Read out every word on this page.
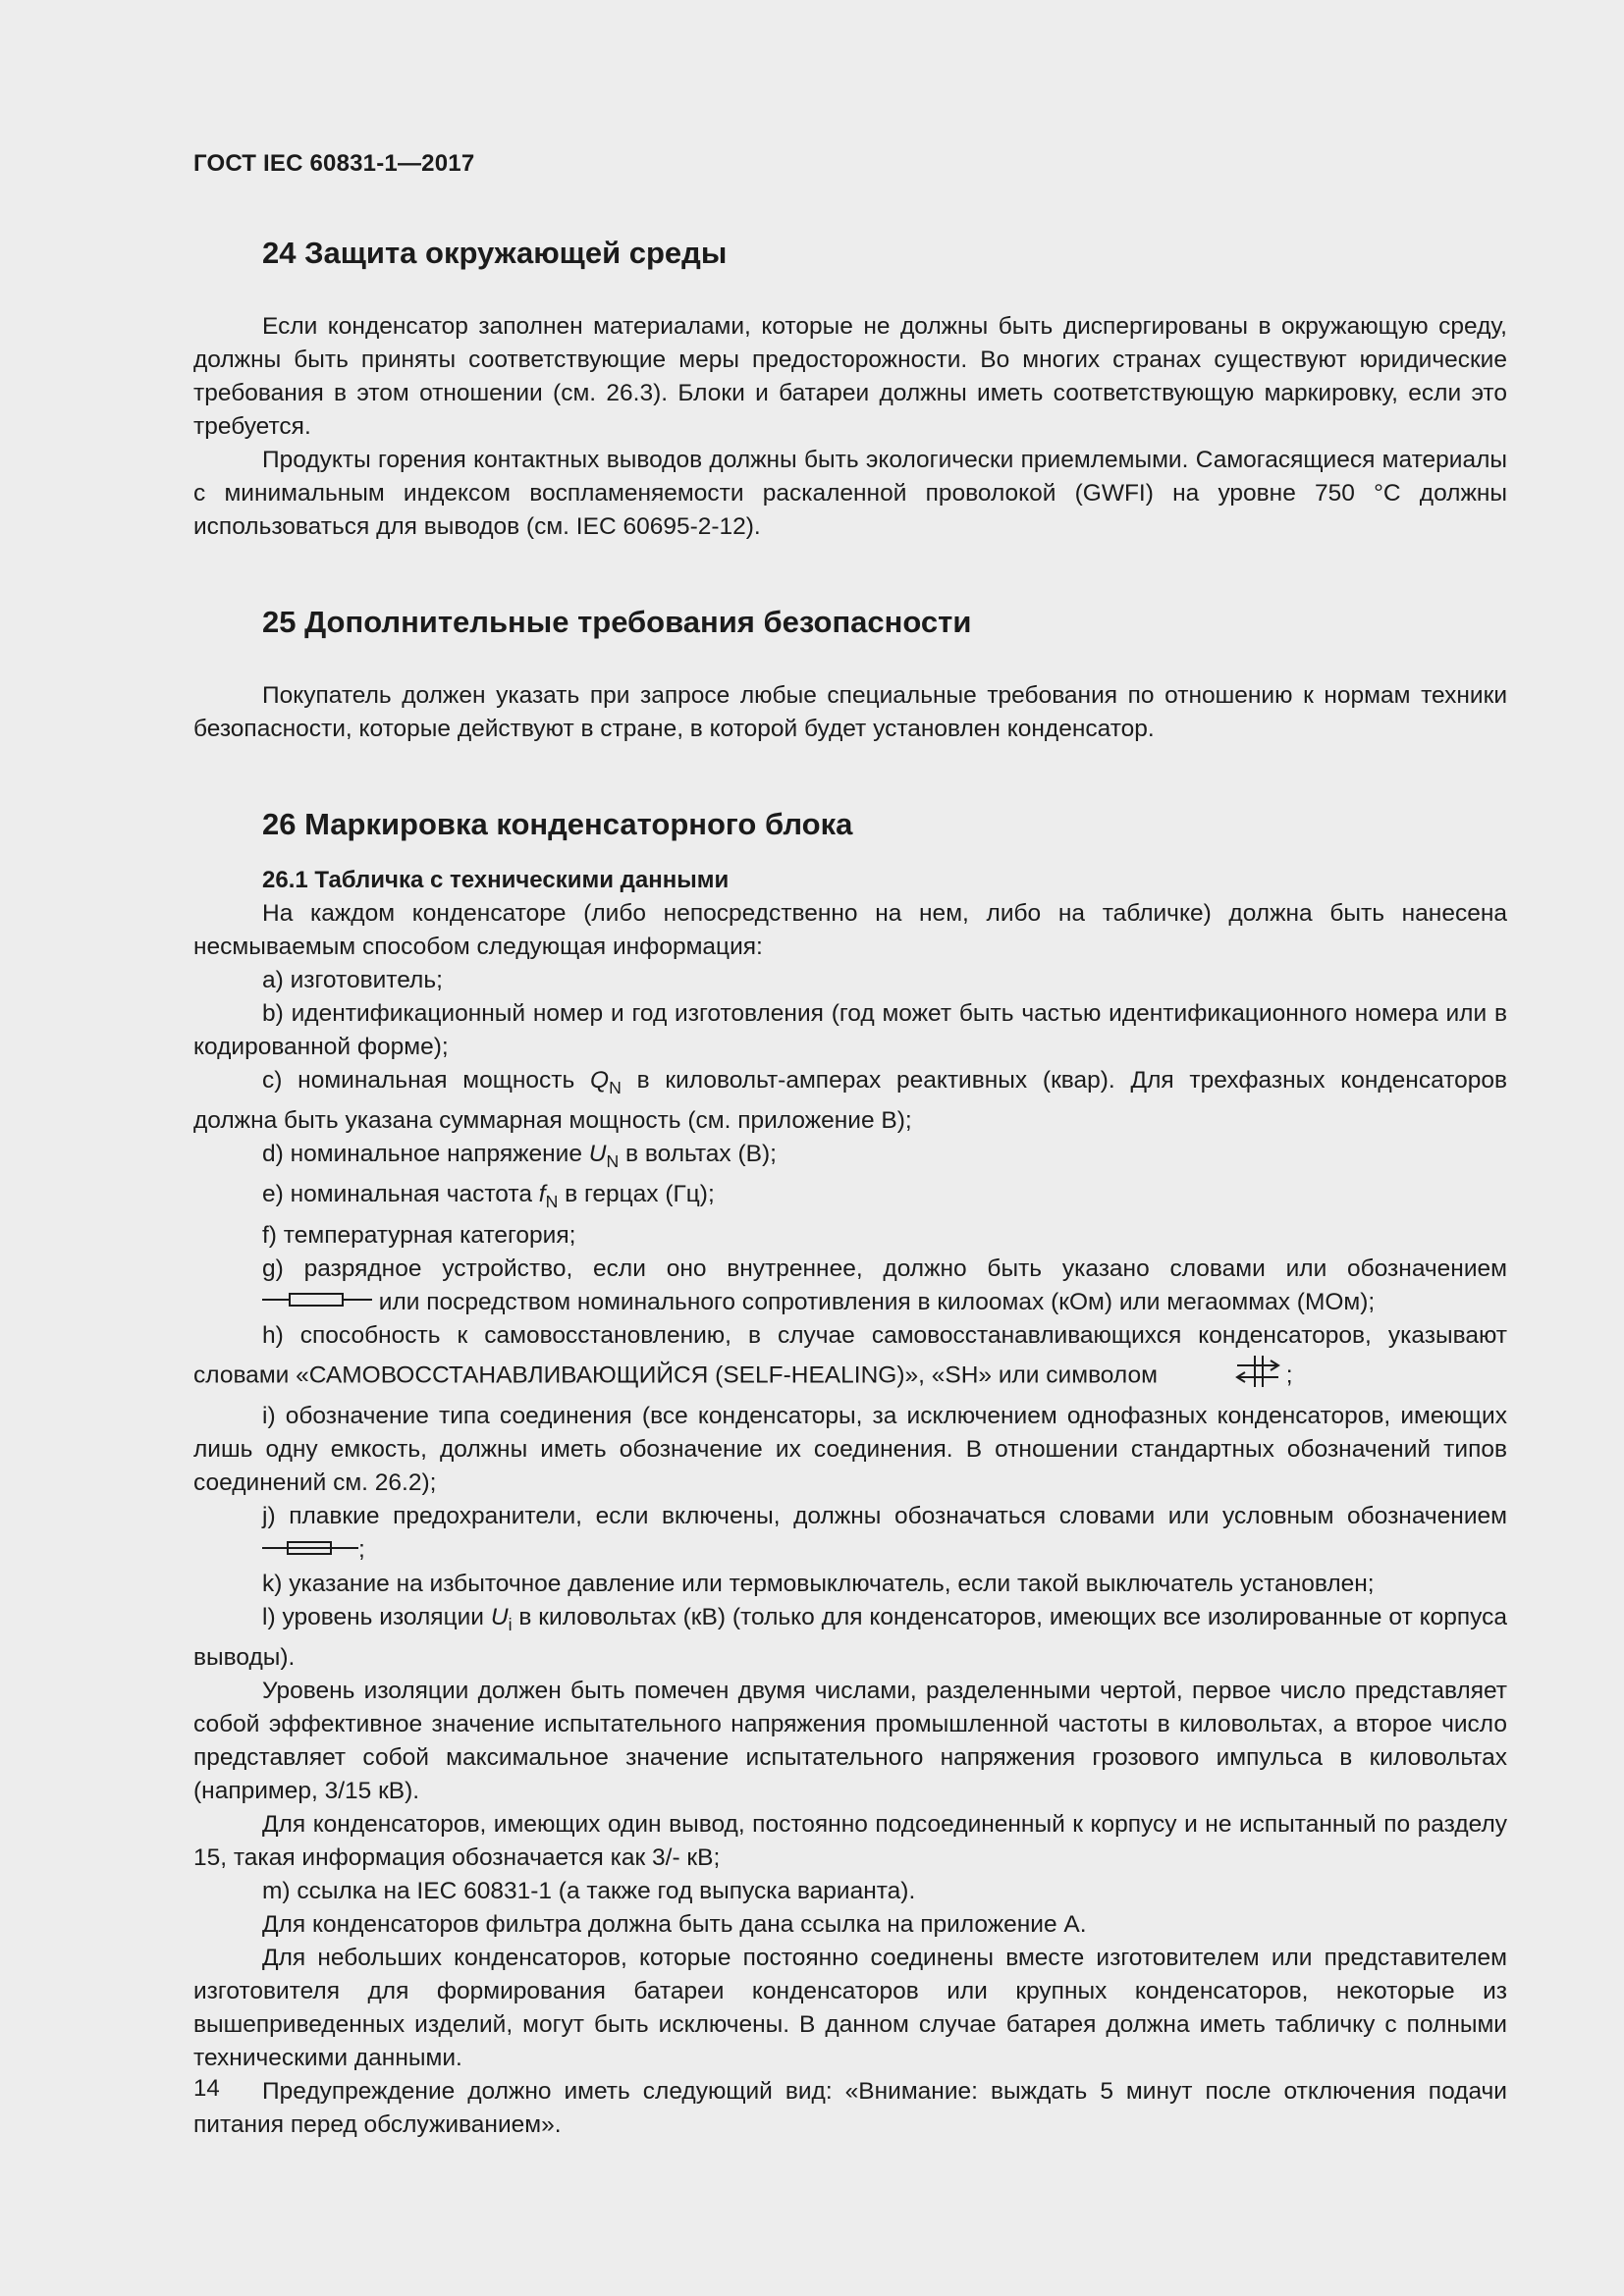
ГОСТ IEC 60831-1—2017
24 Защита окружающей среды

Если конденсатор заполнен материалами, которые не должны быть диспергированы в окружающую среду, должны быть приняты соответствующие меры предосторожности. Во многих странах существуют юридические требования в этом отношении (см. 26.3). Блоки и батареи должны иметь соответствующую маркировку, если это требуется.

Продукты горения контактных выводов должны быть экологически приемлемыми. Самогасящиеся материалы с минимальным индексом воспламеняемости раскаленной проволокой (GWFI) на уровне 750 °С должны использоваться для выводов (см. IEC 60695-2-12).

25 Дополнительные требования безопасности

Покупатель должен указать при запросе любые специальные требования по отношению к нормам техники безопасности, которые действуют в стране, в которой будет установлен конденсатор.

26 Маркировка конденсаторного блока
26.1 Табличка с техническими данными

На каждом конденсаторе (либо непосредственно на нем, либо на табличке) должна быть нанесена несмываемым способом следующая информация:

a) изготовитель;

b) идентификационный номер и год изготовления (год может быть частью идентификационного номера или в кодированной форме);

c) номинальная мощность $Q_N$ в киловольт-амперах реактивных (квар). Для трехфазных конденсаторов должна быть указана суммарная мощность (см. приложение В);

d) номинальное напряжение $U_N$ в вольтах (В);

e) номинальная частота $f_N$ в герцах (Гц);

f) температурная категория;

g) разрядное устройство, если оно внутреннее, должно быть указано словами или обозначением  или посредством номинального сопротивления в килоомах (кОм) или мегаоммах (МОм);

h) способность к самовосстановлению, в случае самовосстанавливающихся конденсаторов, указывают словами «САМОВОССТАНАВЛИВАЮЩИЙСЯ (SELF-HEALING)», «SH» или символом	;

i) обозначение типа соединения (все конденсаторы, за исключением однофазных конденсаторов, имеющих лишь одну емкость, должны иметь обозначение их соединения. В отношении стандартных обозначений типов соединений см. 26.2);

j) плавкие предохранители, если включены, должны обозначаться словами или условным обозначением ;

k) указание на избыточное давление или термовыключатель, если такой выключатель установлен;

l) уровень изоляции $U_i$ в киловольтах (кВ) (только для конденсаторов, имеющих все изолированные от корпуса выводы).

Уровень изоляции должен быть помечен двумя числами, разделенными чертой, первое число представляет собой эффективное значение испытательного напряжения промышленной частоты в киловольтах, а второе число представляет собой максимальное значение испытательного напряжения грозового импульса в киловольтах (например, 3/15 кВ).

Для конденсаторов, имеющих один вывод, постоянно подсоединенный к корпусу и не испытанный по разделу 15, такая информация обозначается как 3/- кВ;

m) ссылка на IEC 60831-1 (а также год выпуска варианта).

Для конденсаторов фильтра должна быть дана ссылка на приложение А.

Для небольших конденсаторов, которые постоянно соединены вместе изготовителем или представителем изготовителя для формирования батареи конденсаторов или крупных конденсаторов, некоторые из вышеприведенных изделий, могут быть исключены. В данном случае батарея должна иметь табличку с полными техническими данными.

Предупреждение должно иметь следующий вид: «Внимание: выждать 5 минут после отключения подачи питания перед обслуживанием».

14
